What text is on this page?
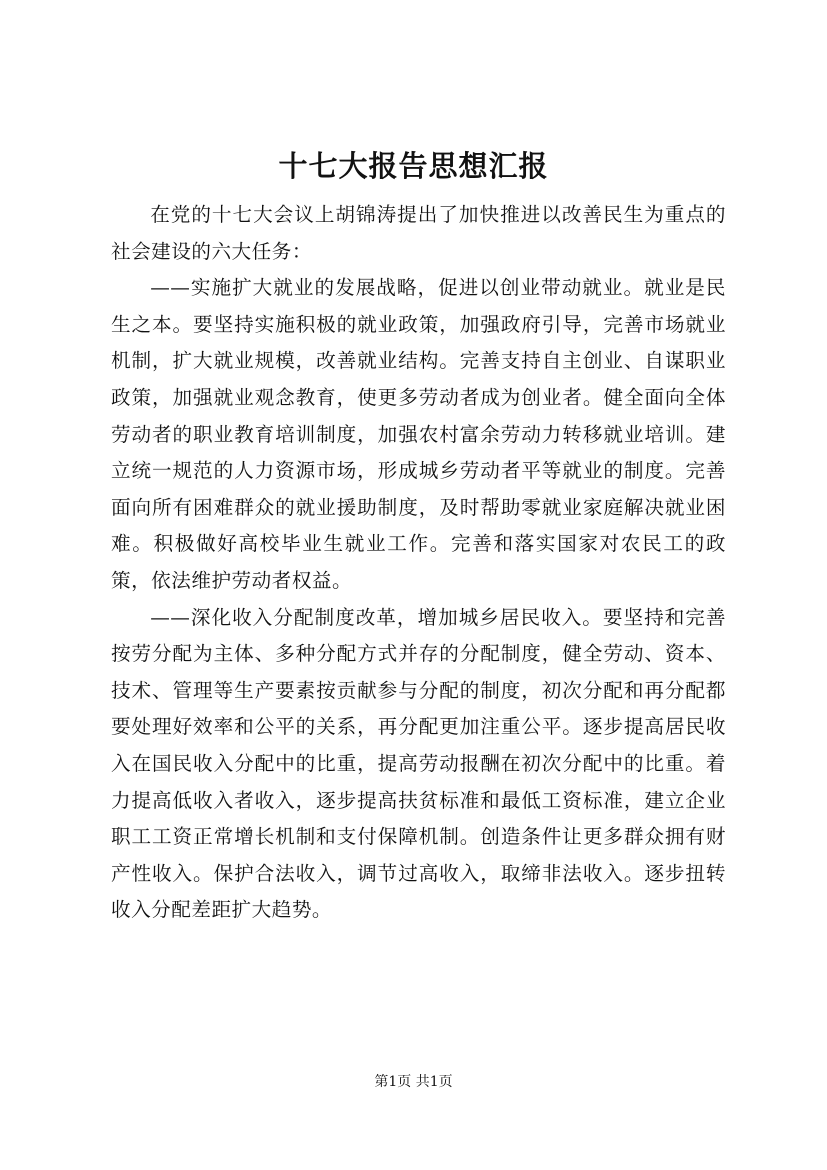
十七大报告思想汇报

在党的十七大会议上胡锦涛提出了加快推进以改善民生为重点的社会建设的六大任务：

——实施扩大就业的发展战略，促进以创业带动就业。就业是民生之本。要坚持实施积极的就业政策，加强政府引导，完善市场就业机制，扩大就业规模，改善就业结构。完善支持自主创业、自谋职业政策，加强就业观念教育，使更多劳动者成为创业者。健全面向全体劳动者的职业教育培训制度，加强农村富余劳动力转移就业培训。建立统一规范的人力资源市场，形成城乡劳动者平等就业的制度。完善面向所有困难群众的就业援助制度，及时帮助零就业家庭解决就业困难。积极做好高校毕业生就业工作。完善和落实国家对农民工的政策，依法维护劳动者权益。

——深化收入分配制度改革，增加城乡居民收入。要坚持和完善按劳分配为主体、多种分配方式并存的分配制度，健全劳动、资本、技术、管理等生产要素按贡献参与分配的制度，初次分配和再分配都要处理好效率和公平的关系，再分配更加注重公平。逐步提高居民收入在国民收入分配中的比重，提高劳动报酬在初次分配中的比重。着力提高低收入者收入，逐步提高扶贫标准和最低工资标准，建立企业职工工资正常增长机制和支付保障机制。创造条件让更多群众拥有财产性收入。保护合法收入，调节过高收入，取缔非法收入。逐步扭转收入分配差距扩大趋势。

第1页 共1页
